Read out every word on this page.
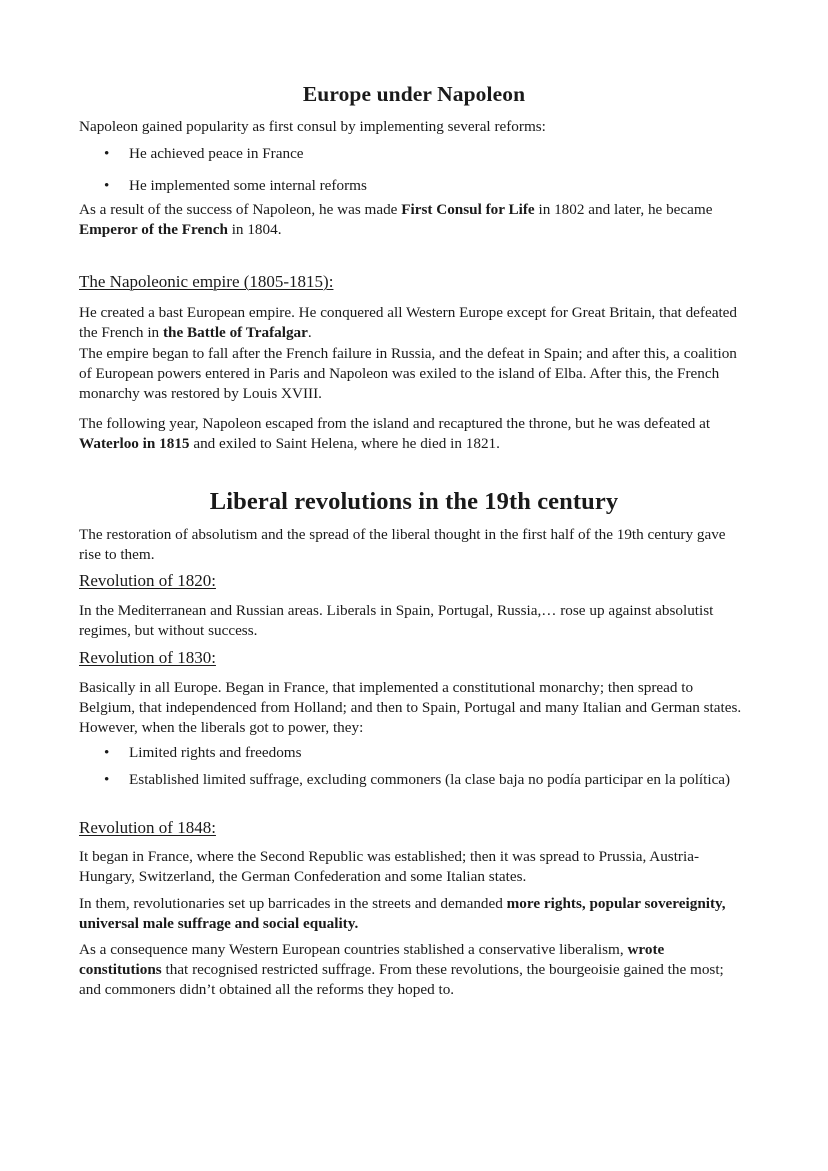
Europe under Napoleon

Napoleon gained popularity as first consul by implementing several reforms:

• He achieved peace in France
• He implemented some internal reforms

As a result of the success of Napoleon, he was made First Consul for Life in 1802 and later, he became Emperor of the French in 1804.

The Napoleonic empire (1805-1815):

He created a bast European empire. He conquered all Western Europe except for Great Britain, that defeated the French in the Battle of Trafalgar.

The empire began to fall after the French failure in Russia, and the defeat in Spain; and after this, a coalition of European powers entered in Paris and Napoleon was exiled to the island of Elba. After this, the French monarchy was restored by Louis XVIII.

The following year, Napoleon escaped from the island and recaptured the throne, but he was defeated at Waterloo in 1815 and exiled to Saint Helena, where he died in 1821.

Liberal revolutions in the 19th century

The restoration of absolutism and the spread of the liberal thought in the first half of the 19th century gave rise to them.

Revolution of 1820:

In the Mediterranean and Russian areas. Liberals in Spain, Portugal, Russia,… rose up against absolutist regimes, but without success.

Revolution of 1830:

Basically in all Europe. Began in France, that implemented a constitutional monarchy; then spread to Belgium, that independenced from Holland; and then to Spain, Portugal and many Italian and German states. However, when the liberals got to power, they:

• Limited rights and freedoms
• Established limited suffrage, excluding commoners (la clase baja no podía participar en la política)
Revolution of 1848:

It began in France, where the Second Republic was established; then it was spread to Prussia, Austria-Hungary, Switzerland, the German Confederation and some Italian states.

In them, revolutionaries set up barricades in the streets and demanded more rights, popular sovereignity, universal male suffrage and social equality.

As a consequence many Western European countries stablished a conservative liberalism, wrote constitutions that recognised restricted suffrage. From these revolutions, the bourgeoisie gained the most; and commoners didn’t obtained all the reforms they hoped to.
